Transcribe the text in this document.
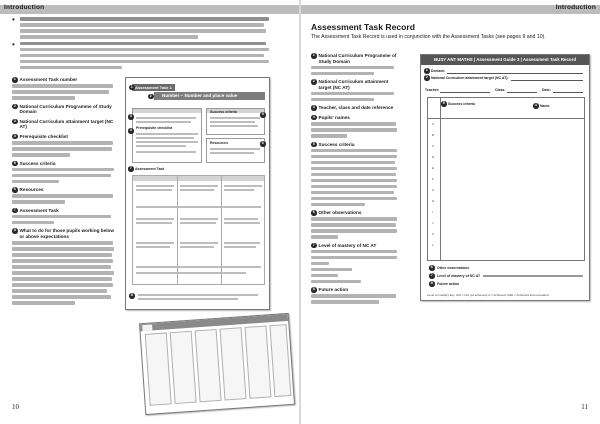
Introduction
•
•
1 Assessment Task number
2 National Curriculum Programme of Study Domain
3 National Curriculum attainment target (NC AT)
4 Prerequisite checklist
5 Success criteria
6 Resources
7 Assessment Task
8 What to do for those pupils working below or above expectations
Assessment Task 1
Number – Number and place value
1
2
Prerequisite checklist
Success criteria
Resources
3
4
5
6
Assessment Task
7
8
10
Introduction
Assessment Task Record
The Assessment Task Record is used in conjunction with the Assessment Tasks (see pages 9 and 10).
1 National Curriculum Programme of Study Domain
2 National Curriculum attainment target (NC AT)
3 Teacher, class and date reference
4 Pupils' names
5 Success criteria
6 Other observations
7 Level of mastery of NC AT
8 Future action
BUSY ANT MATHS | Assessment Guide 3 | Assessment Task Record
Domain:
National Curriculum attainment target (NC AT):
Teacher:	Class:	Date:
1
2
Success criteria	Name
5	4
A
B
C
D
E
F
G
H
I
J
K
L
Other observations
6
Level of mastery of NC AT
7
Future action
8
Level of mastery key: N/A = Not yet achieved; A = Achieved; A&E = Achieved and exceeded
11
